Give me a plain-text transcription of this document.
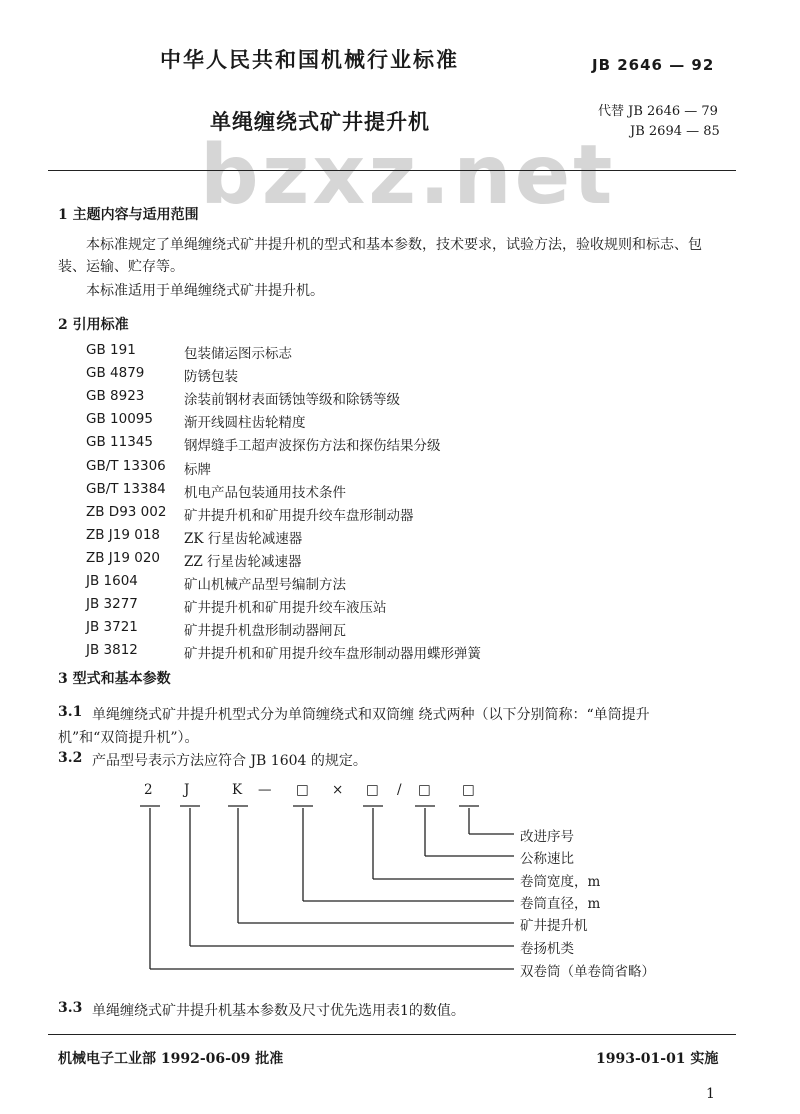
中华人民共和国机械行业标准	JB 2646 — 92
单绳缠绕式矿井提升机	代替 JB 2646 — 79
JB 2694 — 85
bzxz.net
1 主题内容与适用范围
本标准规定了单绳缠绕式矿井提升机的型式和基本参数，技术要求，试验方法，验收规则和标志、包
装、运输、贮存等。
本标准适用于单绳缠绕式矿井提升机。
2 引用标准
GB 191	包装储运图示标志
GB 4879	防锈包装
GB 8923	涂装前钢材表面锈蚀等级和除锈等级
GB 10095 渐开线圆柱齿轮精度
GB 11345 钢焊缝手工超声波探伤方法和探伤结果分级
GB/T 13306 标牌
GB/T 13384 机电产品包装通用技术条件
ZB D93 002 矿井提升机和矿用提升绞车盘形制动器
ZB J19 018 ZK 行星齿轮减速器
ZB J19 020 ZZ 行星齿轮减速器
JB 1604	矿山机械产品型号编制方法
JB 3277	矿井提升机和矿用提升绞车液压站
JB 3721	矿井提升机盘形制动器闸瓦
JB 3812	矿井提升机和矿用提升绞车盘形制动器用蝶形弹簧
3 型式和基本参数
3.1 单绳缠绕式矿井提升机型式分为单筒缠绕式和双筒缠 绕式两种（以下分别简称：“单筒提升
机”和“双筒提升机”）。
3.2 产品型号表示方法应符合 JB 1604 的规定。
2 J	K — □ × □ / □ □
改进序号
公称速比
卷筒宽度，m
卷筒直径，m
矿井提升机
卷扬机类
双卷筒（单卷筒省略）
3.3 单绳缠绕式矿井提升机基本参数及尺寸优先选用表1的数值。
机械电子工业部 1992-06-09 批准	1993-01-01 实施
1
